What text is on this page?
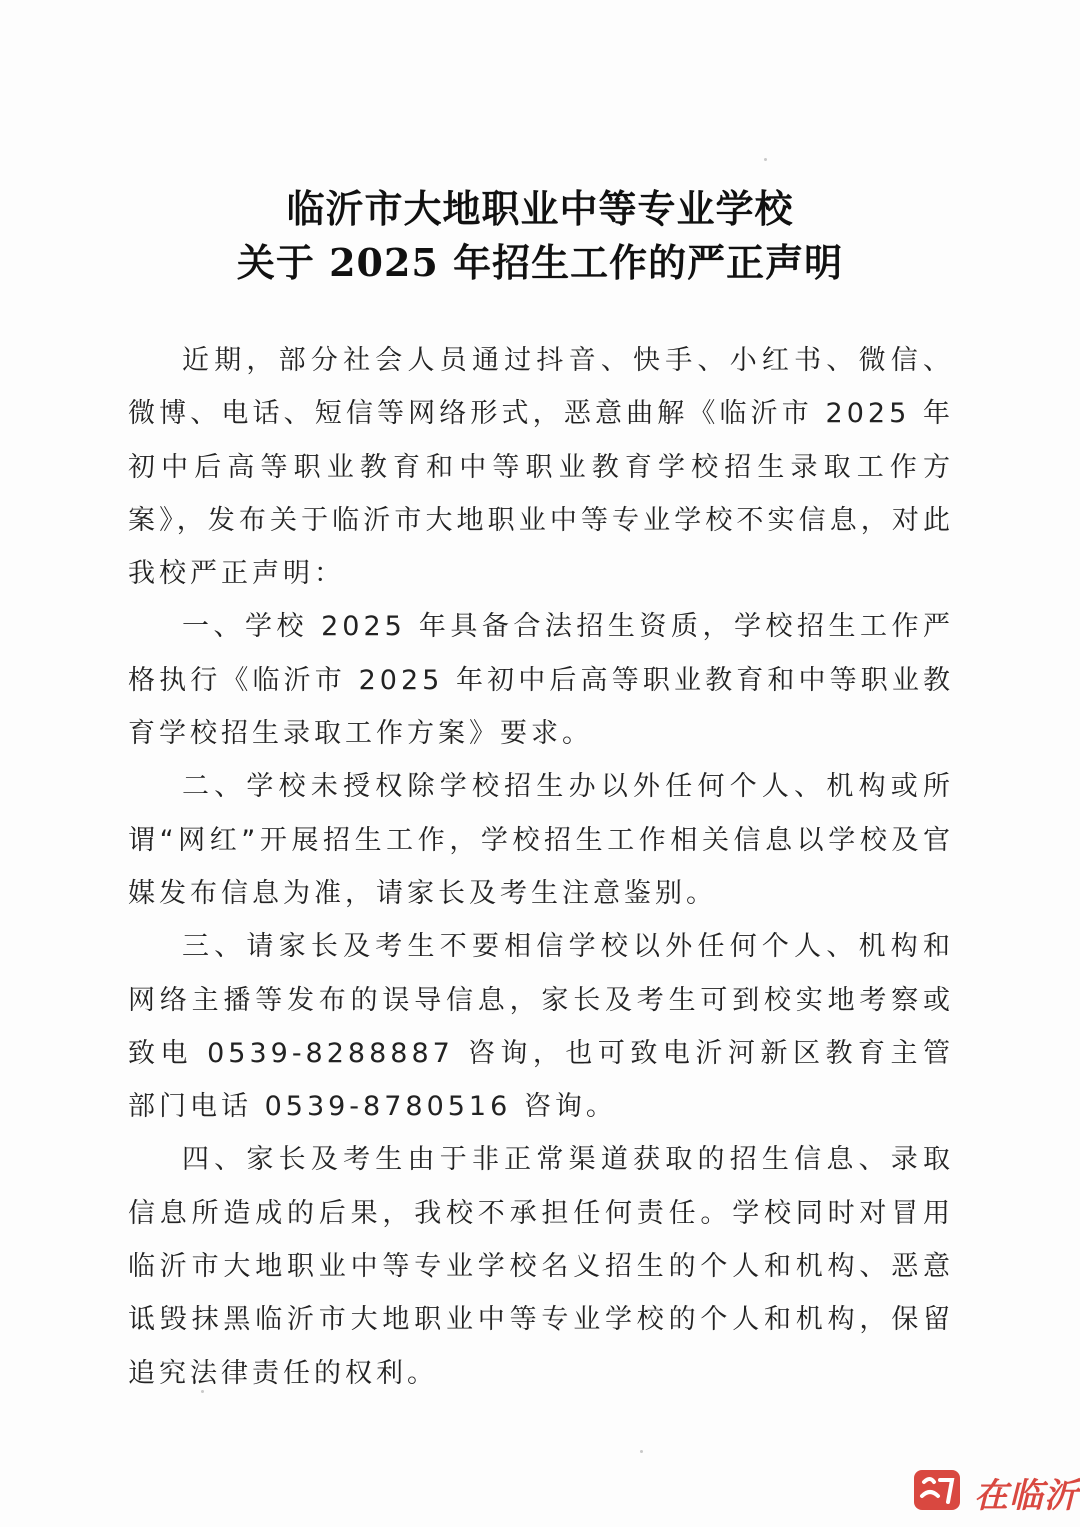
临沂市大地职业中等专业学校
关于 2025 年招生工作的严正声明

近期，部分社会人员通过抖音、快手、小红书、微信、微博、电话、短信等网络形式，恶意曲解《临沂市 2025 年初中后高等职业教育和中等职业教育学校招生录取工作方案》，发布关于临沂市大地职业中等专业学校不实信息，对此我校严正声明：

一、学校 2025 年具备合法招生资质，学校招生工作严格执行《临沂市 2025 年初中后高等职业教育和中等职业教育学校招生录取工作方案》要求。

二、学校未授权除学校招生办以外任何个人、机构或所谓“网红”开展招生工作，学校招生工作相关信息以学校及官媒发布信息为准，请家长及考生注意鉴别。

三、请家长及考生不要相信学校以外任何个人、机构和网络主播等发布的误导信息，家长及考生可到校实地考察或致电 0539-8288887 咨询，也可致电沂河新区教育主管部门电话 0539-8780516 咨询。

四、家长及考生由于非正常渠道获取的招生信息、录取信息所造成的后果，我校不承担任何责任。学校同时对冒用临沂市大地职业中等专业学校名义招生的个人和机构、恶意诋毁抹黑临沂市大地职业中等专业学校的个人和机构，保留追究法律责任的权利。

在临沂
